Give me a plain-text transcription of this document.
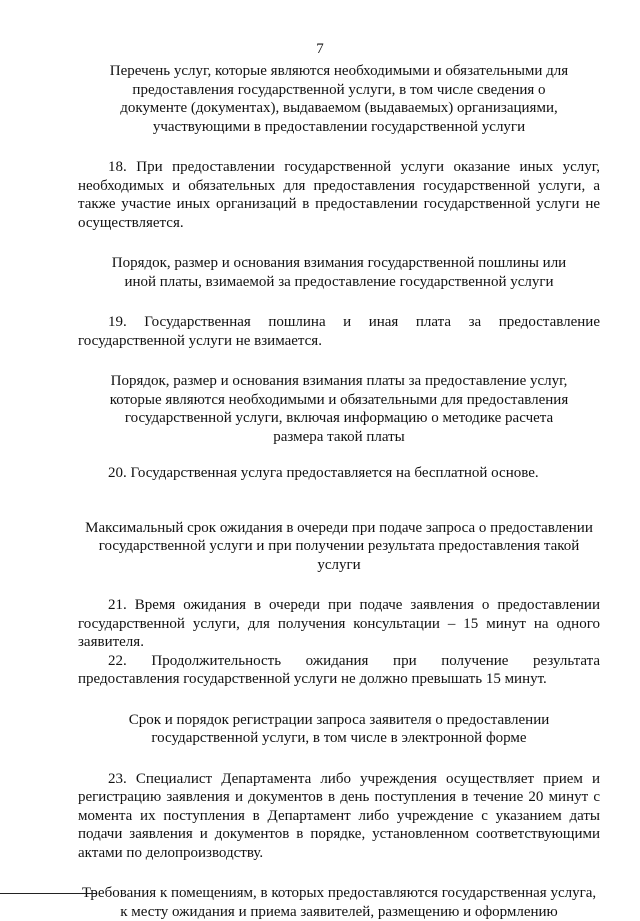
7

Перечень услуг, которые являются необходимыми и обязательными для предоставления государственной услуги, в том числе сведения о документе (документах), выдаваемом (выдаваемых) организациями, участвующими в предоставлении государственной услуги

18. При предоставлении государственной услуги оказание иных услуг, необходимых и обязательных для предоставления государственной услуги, а также участие иных организаций в предоставлении государственной услуги не осуществляется.

Порядок, размер и основания взимания государственной пошлины или иной платы, взимаемой за предоставление государственной услуги

19. Государственная пошлина и иная плата за предоставление государственной услуги не взимается.

Порядок, размер и основания взимания платы за предоставление услуг, которые являются необходимыми и обязательными для предоставления государственной услуги, включая информацию о методике расчета размера такой платы

20. Государственная услуга предоставляется на бесплатной основе.

Максимальный срок ожидания в очереди при подаче запроса о предоставлении государственной услуги и при получении результата предоставления такой услуги

21. Время ожидания в очереди при подаче заявления о предоставлении государственной услуги, для получения консультации – 15 минут на одного заявителя.

22. Продолжительность ожидания при получение результата предоставления государственной услуги не должно превышать 15 минут.

Срок и порядок регистрации запроса заявителя о предоставлении государственной услуги, в том числе в электронной форме

23. Специалист Департамента либо учреждения осуществляет прием и регистрацию заявления и документов в день поступления в течение 20 минут с момента их поступления в Департамент либо учреждение с указанием даты подачи заявления и документов в порядке, установленном соответствующими актами по делопроизводству.

Требования к помещениям, в которых предоставляются государственная услуга, к месту ожидания и приема заявителей, размещению и оформлению
